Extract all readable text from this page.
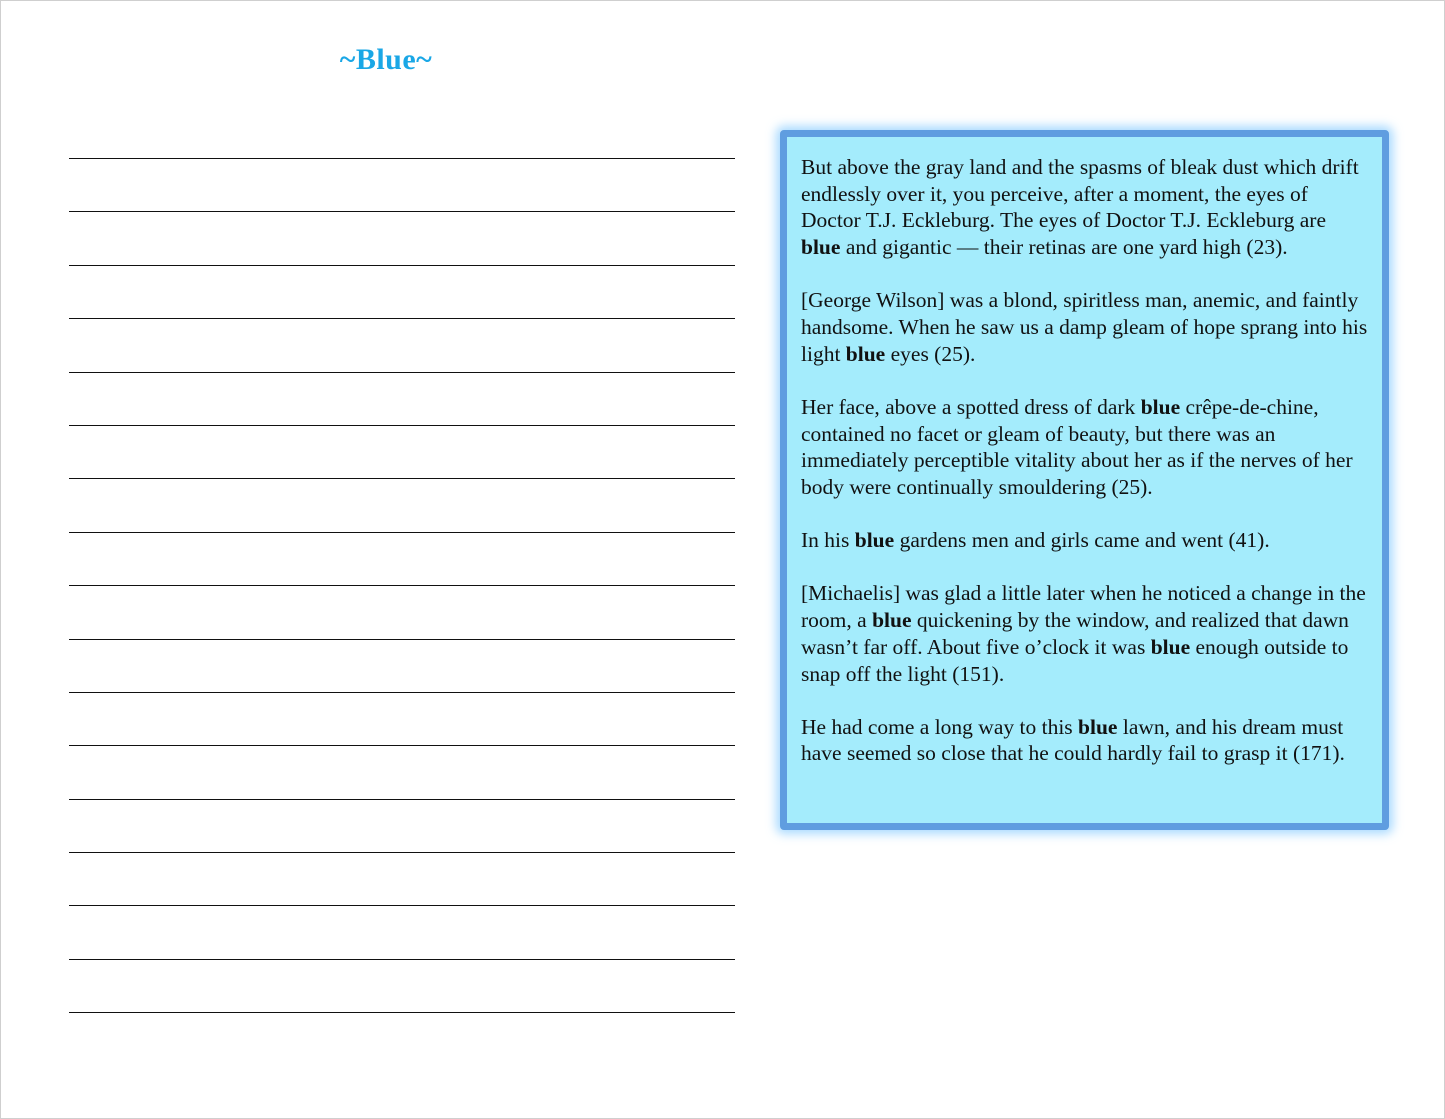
~Blue~

But above the gray land and the spasms of bleak dust which drift endlessly over it, you perceive, after a moment, the eyes of Doctor T.J. Eckleburg. The eyes of Doctor T.J. Eckleburg are blue and gigantic — their retinas are one yard high (23).

[George Wilson] was a blond, spiritless man, anemic, and faintly handsome. When he saw us a damp gleam of hope sprang into his light blue eyes (25).

Her face, above a spotted dress of dark blue crêpe-de-chine, contained no facet or gleam of beauty, but there was an immediately perceptible vitality about her as if the nerves of her body were continually smouldering (25).

In his blue gardens men and girls came and went (41).

[Michaelis] was glad a little later when he noticed a change in the room, a blue quickening by the window, and realized that dawn wasn’t far off. About five o’clock it was blue enough outside to snap off the light (151).

He had come a long way to this blue lawn, and his dream must have seemed so close that he could hardly fail to grasp it (171).
